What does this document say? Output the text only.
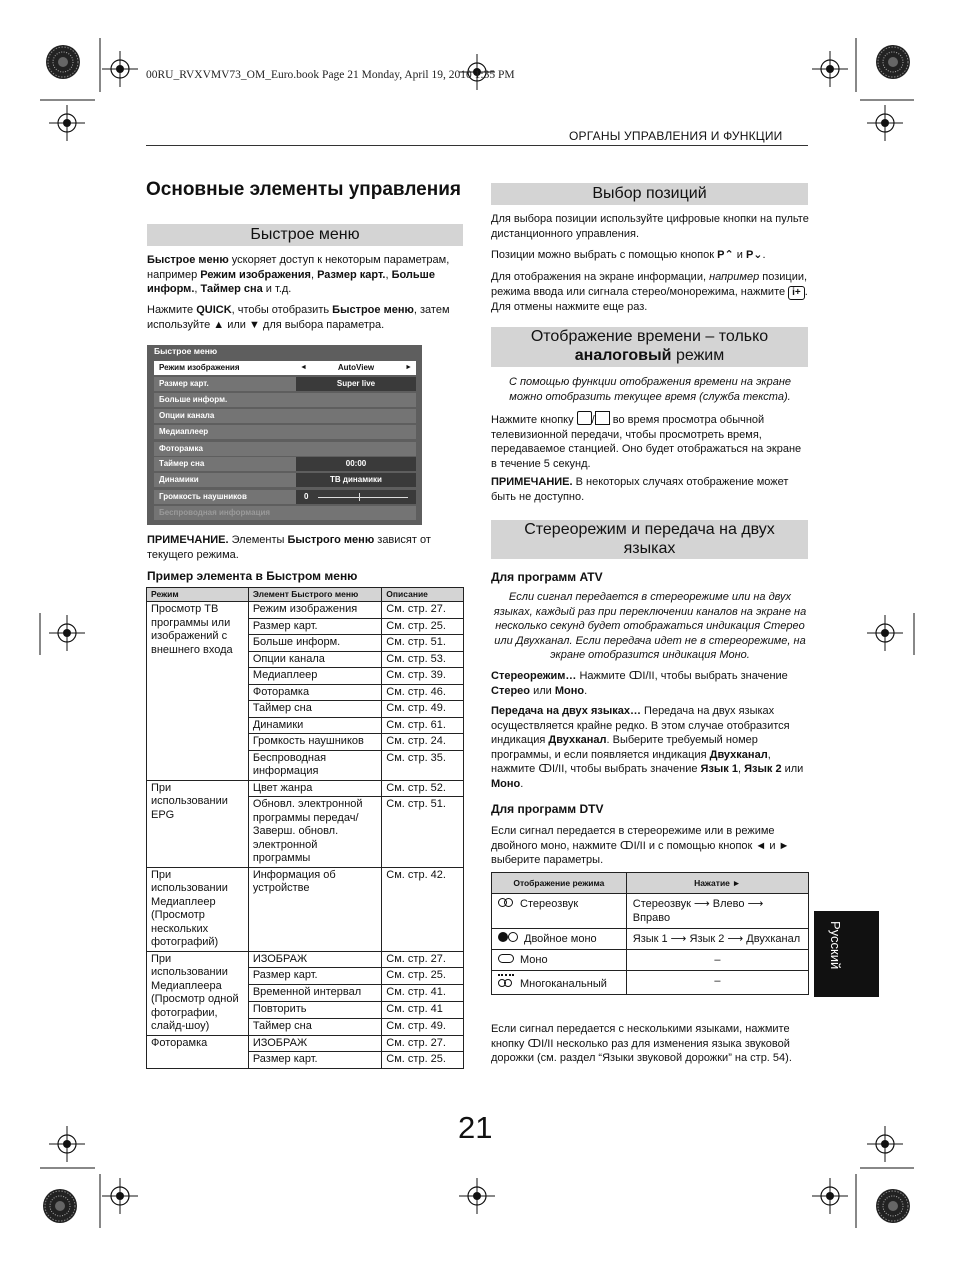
00RU_RVXVMV73_OM_Euro.book Page 21 Monday, April 19, 2010 1:35 PM
ОРГАНЫ УПРАВЛЕНИЯ И ФУНКЦИИ
Основные элементы управления
Быстрое меню
Быстрое меню ускоряет доступ к некоторым параметрам, например Режим изображения, Размер карт., Больше информ., Таймер сна и т.д.
Нажмите QUICK, чтобы отобразить Быстрое меню, затем используйте ▲ или ▼ для выбора параметра.
Быстрое меню
Режим изображения	◄	AutoView	►
Размер карт.	Super live
Больше информ.
Опции канала
Медиаплеер
Фоторамка
Таймер сна	00:00
Динамики	ТВ динамики
Громкость наушников	0
Беспроводная информация
ПРИМЕЧАНИЕ. Элементы Быстрого меню зависят от текущего режима.
Пример элемента в Быстром меню
Режим	Элемент Быстрого меню	Описание
Просмотр ТВ программы или изображений с внешнего входа	Режим изображения	См. стр. 27.
	Размер карт.	См. стр. 25.
	Больше информ.	См. стр. 51.
	Опции канала	См. стр. 53.
	Медиаплеер	См. стр. 39.
	Фоторамка	См. стр. 46.
	Таймер сна	См. стр. 49.
	Динамики	См. стр. 61.
	Громкость наушников	См. стр. 24.
	Беспроводная информация	См. стр. 35.
При использовании EPG	Цвет жанра	См. стр. 52.
	Обновл. электронной программы передач/ Заверш. обновл. электронной программы	См. стр. 51.
При использовании Медиаплеер (Просмотр нескольких фотографий)	Информация об устройстве	См. стр. 42.
При использовании Медиаплеера (Просмотр одной фотографии, слайд-шоу)	ИЗОБРАЖ	См. стр. 27.
	Размер карт.	См. стр. 25.
	Временной интервал	См. стр. 41.
	Повторить	См. стр. 41
	Таймер сна	См. стр. 49.
Фоторамка	ИЗОБРАЖ	См. стр. 27.
	Размер карт.	См. стр. 25.
Выбор позиций
Для выбора позиции используйте цифровые кнопки на пульте дистанционного управления.
Позиции можно выбрать с помощью кнопок P⌃ и P⌄.
Для отображения на экране информации, например позиции, режима ввода или сигнала стерео/монорежима, нажмите i+ . Для отмены нажмите еще раз.
Отображение времени – только
аналоговый режим
С помощью функции отображения времени на экране можно отобразить текущее время (служба текста).
Нажмите кнопку / во время просмотра обычной телевизионной передачи, чтобы просмотреть время, передаваемое станцией. Оно будет отображаться на экране в течение 5 секунд.
ПРИМЕЧАНИЕ. В некоторых случаях отображение может быть не доступно.
Стереорежим и передача на двух
языках
Для программ ATV
Если сигнал передается в стереорежиме или на двух языках, каждый раз при переключении каналов на экране на несколько секунд будет отображаться индикация Стерео или Двухканал. Если передача идет не в стереорежиме, на экране отобразится индикация Моно.
Стереорежим… Нажмите ↀI/II, чтобы выбрать значение Стерео или Моно.
Передача на двух языках… Передача на двух языках осуществляется крайне редко. В этом случае отобразится индикация Двухканал. Выберите требуемый номер программы, и если появляется индикация Двухканал, нажмите ↀI/II, чтобы выбрать значение Язык 1, Язык 2 или Моно.
Для программ DTV
Если сигнал передается в стереорежиме или в режиме двойного моно, нажмите ↀI/II и с помощью кнопок ◄ и ► выберите параметры.
Отображение режима	Нажатие ►

Стереозвук	Стереозвук ⟶ Влево ⟶ Вправо

Двойное моно	Язык 1 ⟶ Язык 2 ⟶ Двухканал
Моно	–

Многоканальный	–
Если сигнал передается с несколькими языками, нажмите кнопку ↀI/II несколько раз для изменения языка звуковой дорожки (см. раздел “Языки звуковой дорожки” на стр. 54).
Русский
21
